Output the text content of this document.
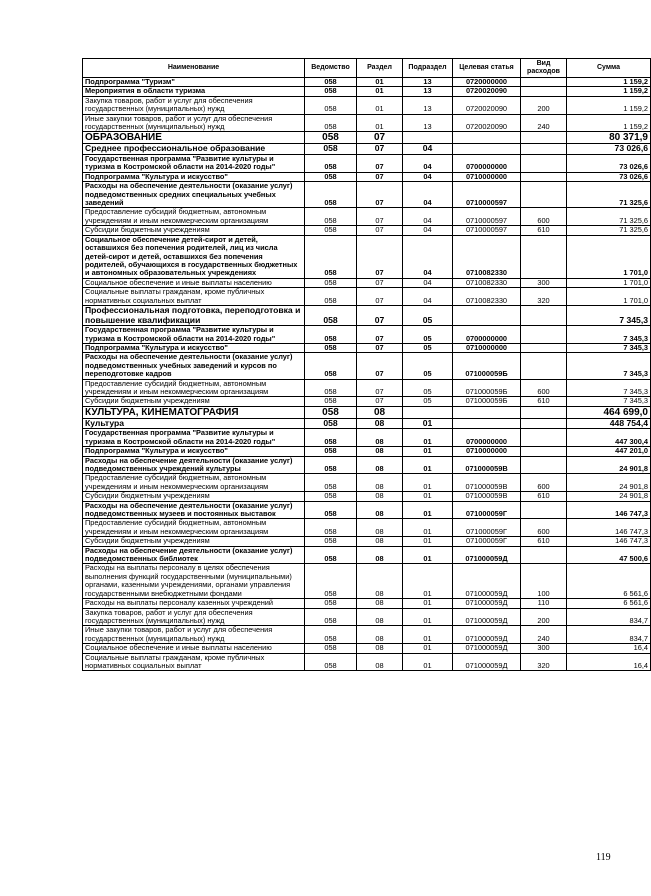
Наименование	Ведомство	Раздел	Подраздел	Целевая статья	Вид расходов	Сумма
Подпрограмма "Туризм"	058	01	13	0720000000		1 159,2
Мероприятия в области туризма	058	01	13	0720020090		1 159,2
Закупка товаров, работ и услуг для обеспечения государственных (муниципальных) нужд	058	01	13	0720020090	200	1 159,2
Иные закупки товаров, работ и услуг для обеспечения государственных (муниципальных) нужд	058	01	13	0720020090	240	1 159,2
ОБРАЗОВАНИЕ	058	07				80 371,9
Среднее профессиональное образование	058	07	04			73 026,6
Государственная программа "Развитие культуры и туризма в Костромской области на 2014-2020 годы"	058	07	04	0700000000		73 026,6
Подпрограмма "Культура и искусство"	058	07	04	0710000000		73 026,6
Расходы на обеспечение деятельности (оказание услуг) подведомственных средних специальных учебных заведений	058	07	04	0710000597		71 325,6
Предоставление субсидий бюджетным, автономным учреждениям и иным некоммерческим организациям	058	07	04	0710000597	600	71 325,6
Субсидии бюджетным учреждениям	058	07	04	0710000597	610	71 325,6
Социальное обеспечение детей-сирот и детей, оставшихся без попечения родителей, лиц из числа детей-сирот и детей, оставшихся без попечения родителей, обучающихся в государственных бюджетных и автономных образовательных учреждениях	058	07	04	0710082330		1 701,0
Социальное обеспечение и иные выплаты населению	058	07	04	0710082330	300	1 701,0
Социальные выплаты гражданам, кроме публичных нормативных социальных выплат	058	07	04	0710082330	320	1 701,0
Профессиональная подготовка, переподготовка и повышение квалификации	058	07	05			7 345,3
Государственная программа "Развитие культуры и туризма в Костромской области на 2014-2020 годы"	058	07	05	0700000000		7 345,3
Подпрограмма "Культура и искусство"	058	07	05	0710000000		7 345,3
Расходы на обеспечение деятельности (оказание услуг) подведомственных учебных заведений и курсов по переподготовке кадров	058	07	05	071000059Б		7 345,3
Предоставление субсидий бюджетным, автономным учреждениям и иным некоммерческим организациям	058	07	05	071000059Б	600	7 345,3
Субсидии бюджетным учреждениям	058	07	05	071000059Б	610	7 345,3
КУЛЬТУРА, КИНЕМАТОГРАФИЯ	058	08				464 699,0
Культура	058	08	01			448 754,4
Государственная программа "Развитие культуры и туризма в Костромской области на 2014-2020 годы"	058	08	01	0700000000		447 300,4
Подпрограмма "Культура и искусство"	058	08	01	0710000000		447 201,0
Расходы на обеспечение деятельности (оказание услуг) подведомственных учреждений культуры	058	08	01	071000059В		24 901,8
Предоставление субсидий бюджетным, автономным учреждениям и иным некоммерческим организациям	058	08	01	071000059В	600	24 901,8
Субсидии бюджетным учреждениям	058	08	01	071000059В	610	24 901,8
Расходы на обеспечение деятельности (оказание услуг) подведомственных музеев и постоянных выставок	058	08	01	071000059Г		146 747,3
Предоставление субсидий бюджетным, автономным учреждениям и иным некоммерческим организациям	058	08	01	071000059Г	600	146 747,3
Субсидии бюджетным учреждениям	058	08	01	071000059Г	610	146 747,3
Расходы на обеспечение деятельности (оказание услуг) подведомственных библиотек	058	08	01	071000059Д		47 500,6
Расходы на выплаты персоналу в целях обеспечения выполнения функций государственными (муниципальными) органами, казенными учреждениями, органами управления государственными внебюджетными фондами	058	08	01	071000059Д	100	6 561,6
Расходы на выплаты персоналу казенных учреждений	058	08	01	071000059Д	110	6 561,6
Закупка товаров, работ и услуг для обеспечения государственных (муниципальных) нужд	058	08	01	071000059Д	200	834,7
Иные закупки товаров, работ и услуг для обеспечения государственных (муниципальных) нужд	058	08	01	071000059Д	240	834,7
Социальное обеспечение и иные выплаты населению	058	08	01	071000059Д	300	16,4
Социальные выплаты гражданам, кроме публичных нормативных социальных выплат	058	08	01	071000059Д	320	16,4
119
